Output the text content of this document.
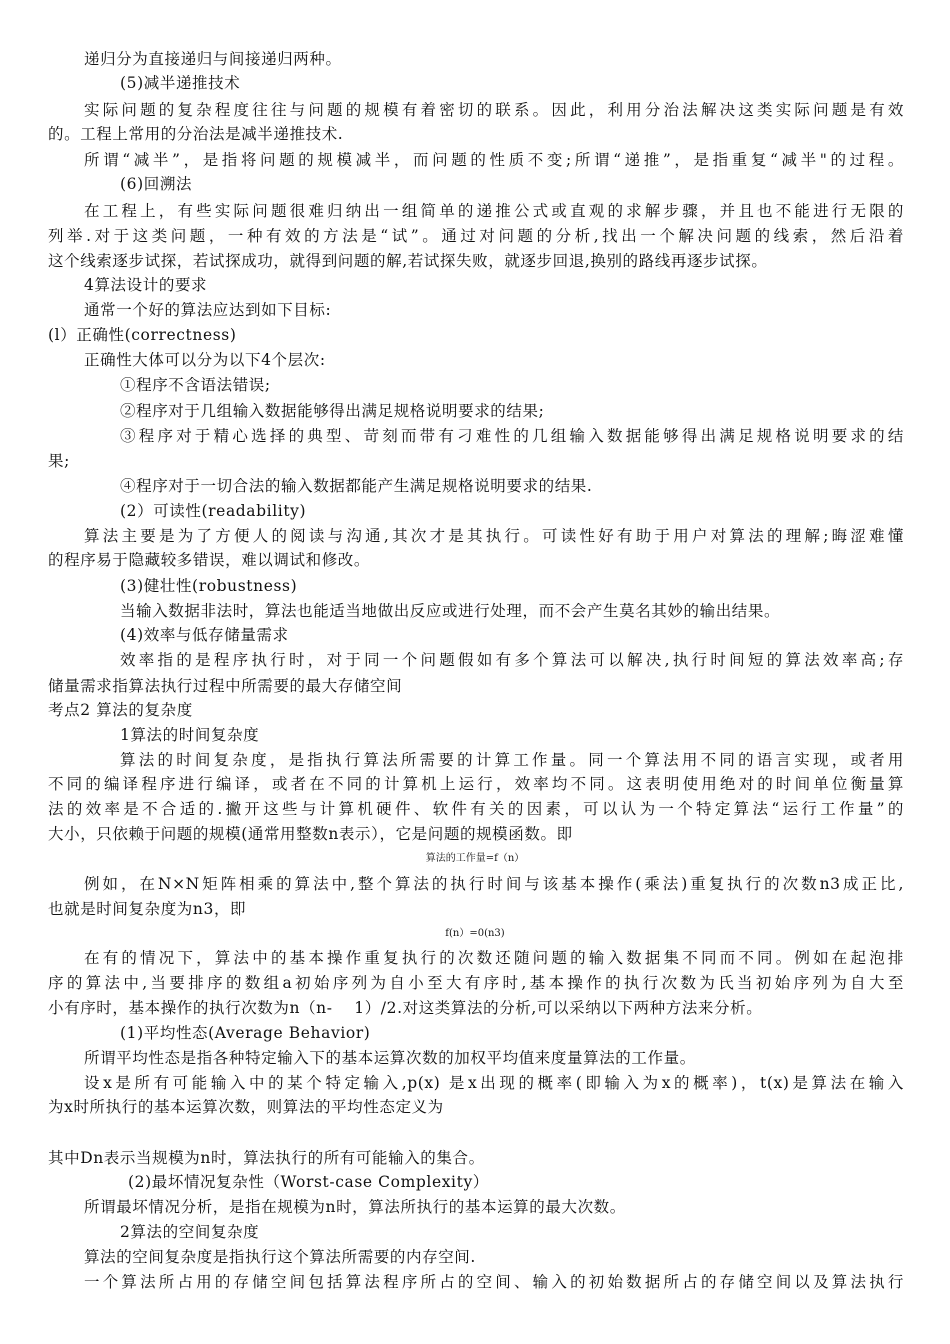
递归分为直接递归与间接递归两种。
(5)减半递推技术
实际问题的复杂程度往往与问题的规模有着密切的联系。因此，利用分治法解决这类实际问题是有效
的。工程上常用的分治法是减半递推技术.
所谓“减半”，是指将问题的规模减半，而问题的性质不变;所谓“递推”，是指重复“减半"的过程。
(6)回溯法
在工程上，有些实际问题很难归纳出一组简单的递推公式或直观的求解步骤，并且也不能进行无限的
列举.对于这类问题，一种有效的方法是“试”。通过对问题的分析,找出一个解决问题的线索，然后沿着
这个线索逐步试探，若试探成功，就得到问题的解,若试探失败，就逐步回退,换别的路线再逐步试探。
4算法设计的要求
通常一个好的算法应达到如下目标:
(l）正确性(correctness)
正确性大体可以分为以下4个层次:
①程序不含语法错误;
②程序对于几组输入数据能够得出满足规格说明要求的结果;
③程序对于精心选择的典型、苛刻而带有刁难性的几组输入数据能够得出满足规格说明要求的结
果;
④程序对于一切合法的输入数据都能产生满足规格说明要求的结果.
(2）可读性(readability)
算法主要是为了方便人的阅读与沟通,其次才是其执行。可读性好有助于用户对算法的理解;晦涩难懂
的程序易于隐藏较多错误，难以调试和修改。
(3)健壮性(robustness)
当输入数据非法时，算法也能适当地做出反应或进行处理，而不会产生莫名其妙的输出结果。
(4)效率与低存储量需求
效率指的是程序执行时，对于同一个问题假如有多个算法可以解决,执行时间短的算法效率高;存
储量需求指算法执行过程中所需要的最大存储空间
考点2 算法的复杂度
1算法的时间复杂度
算法的时间复杂度，是指执行算法所需要的计算工作量。同一个算法用不同的语言实现，或者用
不同的编译程序进行编译，或者在不同的计算机上运行，效率均不同。这表明使用绝对的时间单位衡量算
法的效率是不合适的.撇开这些与计算机硬件、软件有关的因素，可以认为一个特定算法“运行工作量”的
大小，只依赖于问题的规模(通常用整数n表示），它是问题的规模函数。即
算法的工作量=f（n）
例如，在N×N矩阵相乘的算法中,整个算法的执行时间与该基本操作(乘法)重复执行的次数n3成正比,
也就是时间复杂度为n3，即
f(n）=0(n3)
在有的情况下，算法中的基本操作重复执行的次数还随问题的输入数据集不同而不同。例如在起泡排
序的算法中,当要排序的数组a初始序列为自小至大有序时,基本操作的执行次数为氏当初始序列为自大至
小有序时，基本操作的执行次数为n（n-　 1）/2.对这类算法的分析,可以采纳以下两种方法来分析。
(1)平均性态(Average Behavior)
所谓平均性态是指各种特定输入下的基本运算次数的加权平均值来度量算法的工作量。
设x是所有可能输入中的某个特定输入,p(x) 是x出现的概率(即输入为x的概率)，t(x)是算法在输入
为x时所执行的基本运算次数，则算法的平均性态定义为
其中Dn表示当规模为n时，算法执行的所有可能输入的集合。
(2)最坏情况复杂性（Worst-case Complexity）
所谓最坏情况分析，是指在规模为n时，算法所执行的基本运算的最大次数。
2算法的空间复杂度
算法的空间复杂度是指执行这个算法所需要的内存空间.
一个算法所占用的存储空间包括算法程序所占的空间、输入的初始数据所占的存储空间以及算法执行
